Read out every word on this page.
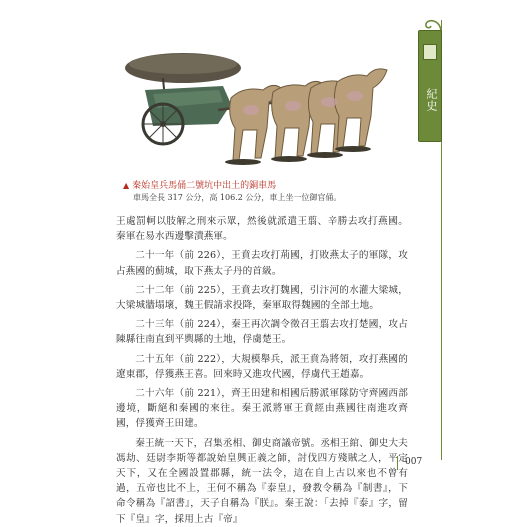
紀史
▲ 秦始皇兵馬俑二號坑中出土的銅車馬
車馬全長 317 公分，高 106.2 公分，車上坐一位御官俑。

王處罰軻以肢解之刑來示眾，然後就派遣王翦、辛勝去攻打燕國。秦軍在易水西邊擊潰燕軍。

二十一年（前 226），王賁去攻打荊國，打敗燕太子的軍隊，攻占燕國的薊城，取下燕太子丹的首級。

二十二年（前 225），王賁去攻打魏國，引汴河的水灌大梁城，大梁城牆塌壞，魏王假請求投降，秦軍取得魏國的全部土地。

二十三年（前 224），秦王再次調令徵召王翦去攻打楚國，攻占陳縣往南直到平輿縣的土地，俘虜楚王。

二十五年（前 222），大規模舉兵，派王賁為將領，攻打燕國的遼東郡，俘獲燕王喜。回來時又進攻代國，俘虜代王趙嘉。

二十六年（前 221），齊王田建和相國后勝派軍隊防守齊國西部邊境，斷絕和秦國的來往。秦王派將軍王賁經由燕國往南進攻齊國，俘獲齊王田建。

秦王統一天下，召集丞相、御史商議帝號。丞相王綰、御史大夫馮劫、廷尉李斯等都說始皇興正義之師，討伐四方殘賊之人，平定天下，又在全國設置郡縣，統一法令，這在自上古以來也不曾有過，五帝也比不上，王何不稱為『泰皇』，發教令稱為『制書』，下命令稱為『詔書』，天子自稱為『朕』。秦王說：「去掉『泰』字，留下『皇』字，採用上古『帝』

007
